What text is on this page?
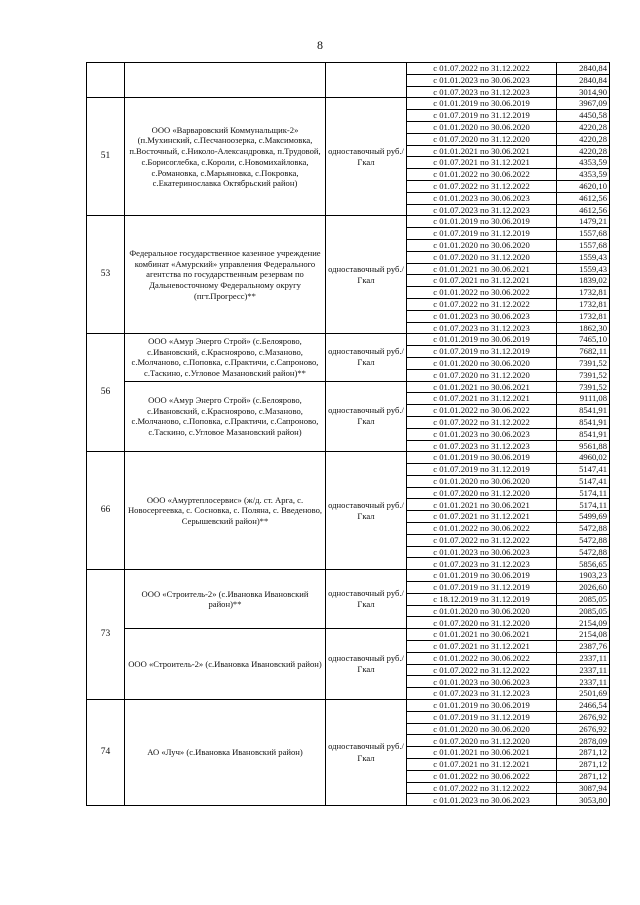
8
			с 01.07.2022 по 31.12.2022	2840,84
			с 01.01.2023 по 30.06.2023	2840,84
			с 01.07.2023 по 31.12.2023	3014,90
51	ООО «Варваровский Коммунальщик-2» (п.Мухинский, с.Песчаноозерка, с.Максимовка, п.Восточный, с.Николо-Александровка, п.Трудовой, с.Борисоглебка, с.Короли, с.Новомихайловка, с.Романовка, с.Марьяновка, с.Покровка, с.Екатеринославка Октябрьский район)	одноставочный руб./Гкал	с 01.01.2019 по 30.06.2019	3967,09
			с 01.07.2019 по 31.12.2019	4450,58
			с 01.01.2020 по 30.06.2020	4220,28
			с 01.07.2020 по 31.12.2020	4220,28
			с 01.01.2021 по 30.06.2021	4220,28
			с 01.07.2021 по 31.12.2021	4353,59
			с 01.01.2022 по 30.06.2022	4353,59
			с 01.07.2022 по 31.12.2022	4620,10
			с 01.01.2023 по 30.06.2023	4612,56
			с 01.07.2023 по 31.12.2023	4612,56
53	Федеральное государственное казенное учреждение комбинат «Амурский» управления Федерального агентства по государственным резервам по Дальневосточному Федеральному округу (пгт.Прогресс)**	одноставочный руб./Гкал	с 01.01.2019 по 30.06.2019	1479,21
			с 01.07.2019 по 31.12.2019	1557,68
			с 01.01.2020 по 30.06.2020	1557,68
			с 01.07.2020 по 31.12.2020	1559,43
			с 01.01.2021 по 30.06.2021	1559,43
			с 01.07.2021 по 31.12.2021	1839,02
			с 01.01.2022 по 30.06.2022	1732,81
			с 01.07.2022 по 31.12.2022	1732,81
			с 01.01.2023 по 30.06.2023	1732,81
			с 01.07.2023 по 31.12.2023	1862,30
56	ООО «Амур Энерго Строй» (с.Белоярово, с.Ивановский, с.Красноярово, с.Мазаново, с.Молчаново, с.Поповка, с.Практичи, с.Сапроново, с.Таскино, с.Угловое Мазановский район)**	одноставочный руб./Гкал	с 01.01.2019 по 30.06.2019	7465,10
			с 01.07.2019 по 31.12.2019	7682,11
			с 01.01.2020 по 30.06.2020	7391,52
			с 01.07.2020 по 31.12.2020	7391,52
	ООО «Амур Энерго Строй» (с.Белоярово, с.Ивановский, с.Красноярово, с.Мазаново, с.Молчаново, с.Поповка, с.Практичи, с.Сапроново, с.Таскино, с.Угловое Мазановский район)	одноставочный руб./Гкал	с 01.01.2021 по 30.06.2021	7391,52
			с 01.07.2021 по 31.12.2021	9111,08
			с 01.01.2022 по 30.06.2022	8541,91
			с 01.07.2022 по 31.12.2022	8541,91
			с 01.01.2023 по 30.06.2023	8541,91
			с 01.07.2023 по 31.12.2023	9561,88
66	ООО «Амуртеплосервис» (ж/д. ст. Арга, с. Новосергеевка, с. Сосновка, с. Поляна, с. Введеново, Серышевский район)**	одноставочный руб./Гкал	с 01.01.2019 по 30.06.2019	4960,02
			с 01.07.2019 по 31.12.2019	5147,41
			с 01.01.2020 по 30.06.2020	5147,41
			с 01.07.2020 по 31.12.2020	5174,11
			с 01.01.2021 по 30.06.2021	5174,11
			с 01.07.2021 по 31.12.2021	5499,69
			с 01.01.2022 по 30.06.2022	5472,88
			с 01.07.2022 по 31.12.2022	5472,88
			с 01.01.2023 по 30.06.2023	5472,88
			с 01.07.2023 по 31.12.2023	5856,65
73	ООО «Строитель-2» (с.Ивановка Ивановский район)**	одноставочный руб./Гкал	с 01.01.2019 по 30.06.2019	1903,23
			с 01.07.2019 по 31.12.2019	2026,60
			с 18.12.2019 по 31.12.2019	2085,05
			с 01.01.2020 по 30.06.2020	2085,05
			с 01.07.2020 по 31.12.2020	2154,09
	ООО «Строитель-2» (с.Ивановка Ивановский район)	одноставочный руб./Гкал	с 01.01.2021 по 30.06.2021	2154,08
			с 01.07.2021 по 31.12.2021	2387,76
			с 01.01.2022 по 30.06.2022	2337,11
			с 01.07.2022 по 31.12.2022	2337,11
			с 01.01.2023 по 30.06.2023	2337,11
			с 01.07.2023 по 31.12.2023	2501,69
74	АО «Луч» (с.Ивановка Ивановский район)	одноставочный руб./Гкал	с 01.01.2019 по 30.06.2019	2466,54
			с 01.07.2019 по 31.12.2019	2676,92
			с 01.01.2020 по 30.06.2020	2676,92
			с 01.07.2020 по 31.12.2020	2878,09
			с 01.01.2021 по 30.06.2021	2871,12
			с 01.07.2021 по 31.12.2021	2871,12
			с 01.01.2022 по 30.06.2022	2871,12
			с 01.07.2022 по 31.12.2022	3087,94
			с 01.01.2023 по 30.06.2023	3053,80
